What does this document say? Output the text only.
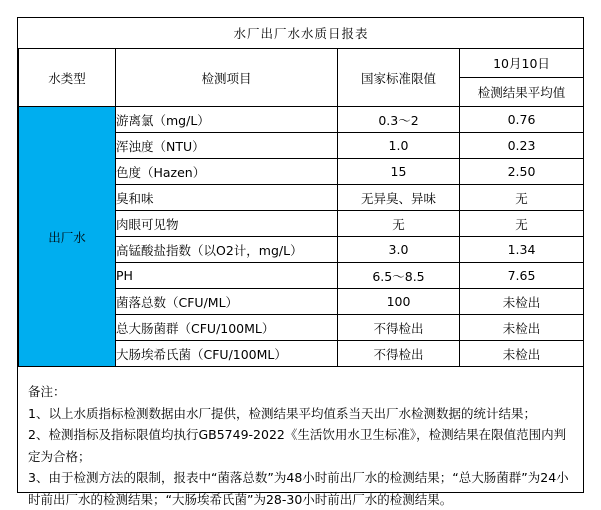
水厂出厂水水质日报表			
水类型	检测项目	国家标准限值	10月10日
			检测结果平均值
出厂水	游离氯（mg/L）	0.3～2	0.76
	浑浊度（NTU）	1.0	0.23
	色度（Hazen）	15	2.50
	臭和味	无异臭、异味	无
	肉眼可见物	无	无
	高锰酸盐指数（以O2计，mg/L）	3.0	1.34
	PH	6.5～8.5	7.65
	菌落总数（CFU/ML）	100	未检出
	总大肠菌群（CFU/100ML）	不得检出	未检出
	大肠埃希氏菌（CFU/100ML）	不得检出	未检出
备注：
1、以上水质指标检测数据由水厂提供，检测结果平均值系当天出厂水检测数据的统计结果；
2、检测指标及指标限值均执行GB5749-2022《生活饮用水卫生标准》，检测结果在限值范围内判定为合格；
3、由于检测方法的限制，报表中“菌落总数”为48小时前出厂水的检测结果；“总大肠菌群”为24小时前出厂水的检测结果；“大肠埃希氏菌”为28-30小时前出厂水的检测结果。
